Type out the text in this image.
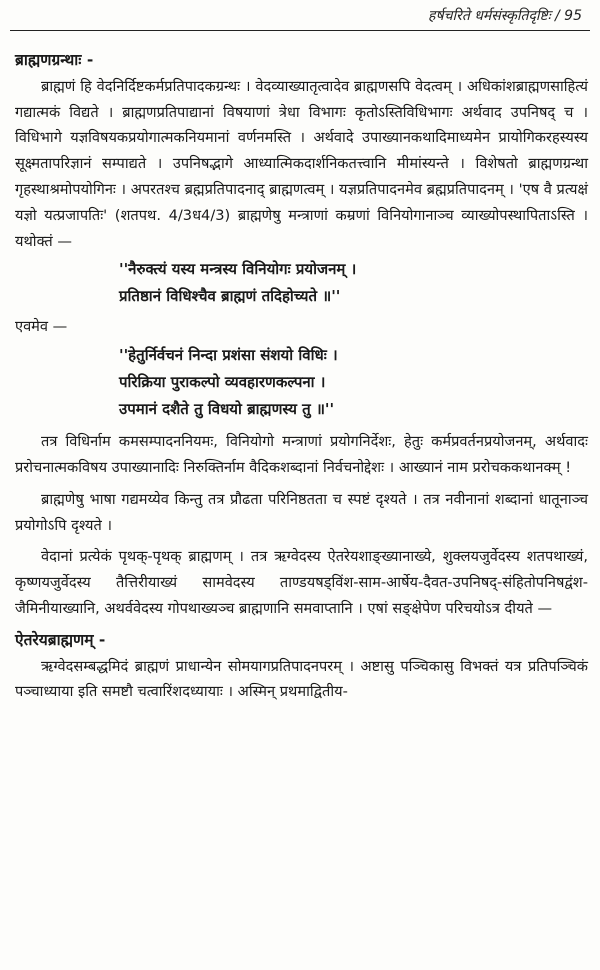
हर्षचरिते धर्मसंस्कृतिदृष्टिः / 95

ब्राह्मणग्रन्थाः -

ब्राह्मणं हि वेदनिर्दिष्टकर्मप्रतिपादकग्रन्थः । वेदव्याख्यातृत्वादेव ब्राह्मणसपि वेदत्वम् । अधिकांशब्राह्मणसाहित्यं गद्यात्मकं विद्यते । ब्राह्मणप्रतिपाद्यानां विषयाणां त्रेधा विभागः कृतोऽस्तिविधिभागः अर्थवाद उपनिषद् च । विधिभागे यज्ञविषयकप्रयोगात्मकनियमानां वर्णनमस्ति । अर्थवादे उपाख्यानकथादिमाध्यमेन प्रायोगिकरहस्यस्य सूक्ष्मतापरिज्ञानं सम्पाद्यते । उपनिषद्भागे आध्यात्मिकदार्शनिकतत्त्वानि मीमांस्यन्ते । विशेषतो ब्राह्मणग्रन्था गृहस्थाश्रमोपयोगिनः । अपरतश्च ब्रह्मप्रतिपादनाद् ब्राह्मणत्वम् । यज्ञप्रतिपादनमेव ब्रह्मप्रतिपादनम् । 'एष वै प्रत्यक्षं यज्ञो यत्प्रजापतिः' (शतपथ. 4/3ध4/3) ब्राह्मणेषु मन्त्राणां कम्रणां विनियोगानाञ्च व्याख्योपस्थापिताऽस्ति । यथोक्तं —

''नैरुक्त्यं यस्य मन्त्रस्य विनियोगः प्रयोजनम् ।
प्रतिष्ठानं विधिश्चैव ब्राह्मणं तदिहोच्यते ॥''

एवमेव —

''हेतुर्निर्वचनं निन्दा प्रशंसा संशयो विधिः ।
परिक्रिया पुराकल्पो व्यवहारणकल्पना ।
उपमानं दशैते तु विधयो ब्राह्मणस्य तु ॥''

तत्र विधिर्नाम कमसम्पादननियमः, विनियोगो मन्त्राणां प्रयोगनिर्देशः, हेतुः कर्मप्रवर्तनप्रयोजनम्, अर्थवादः प्ररोचनात्मकविषय उपाख्यानादिः निरुक्तिर्नाम वैदिकशब्दानां निर्वचनोद्देशः । आख्यानं नाम प्ररोचककथानक्म् !

ब्राह्मणेषु भाषा गद्यमय्येव किन्तु तत्र प्रौढता परिनिष्ठतता च स्पष्टं दृश्यते । तत्र नवीनानां शब्दानां धातूनाञ्च प्रयोगोऽपि दृश्यते ।

वेदानां प्रत्येकं पृथक्-पृथक् ब्राह्मणम् । तत्र ऋग्वेदस्य ऐतरेयशाङ्ख्यानाख्ये, शुक्लयजुर्वेदस्य शतपथाख्यं, कृष्णयजुर्वेदस्य तैत्तिरीयाख्यं सामवेदस्य ताण्डयषड्विंश-साम-आर्षेय-दैवत-उपनिषद्-संहितोपनिषद्वंश-जैमिनीयाख्यानि, अथर्ववेदस्य गोपथाख्यञ्च ब्राह्मणानि समवाप्तानि । एषां सङ्क्षेपेण परिचयोऽत्र दीयते —

ऐतरेयब्राह्मणम् -

ऋग्वेदसम्बद्धमिदं ब्राह्मणं प्राधान्येन सोमयागप्रतिपादनपरम् । अष्टासु पञ्चिकासु विभक्तं यत्र प्रतिपञ्चिकं पञ्चाध्याया इति समष्टौ चत्वारिंशदध्यायाः । अस्मिन् प्रथमाद्वितीय-
